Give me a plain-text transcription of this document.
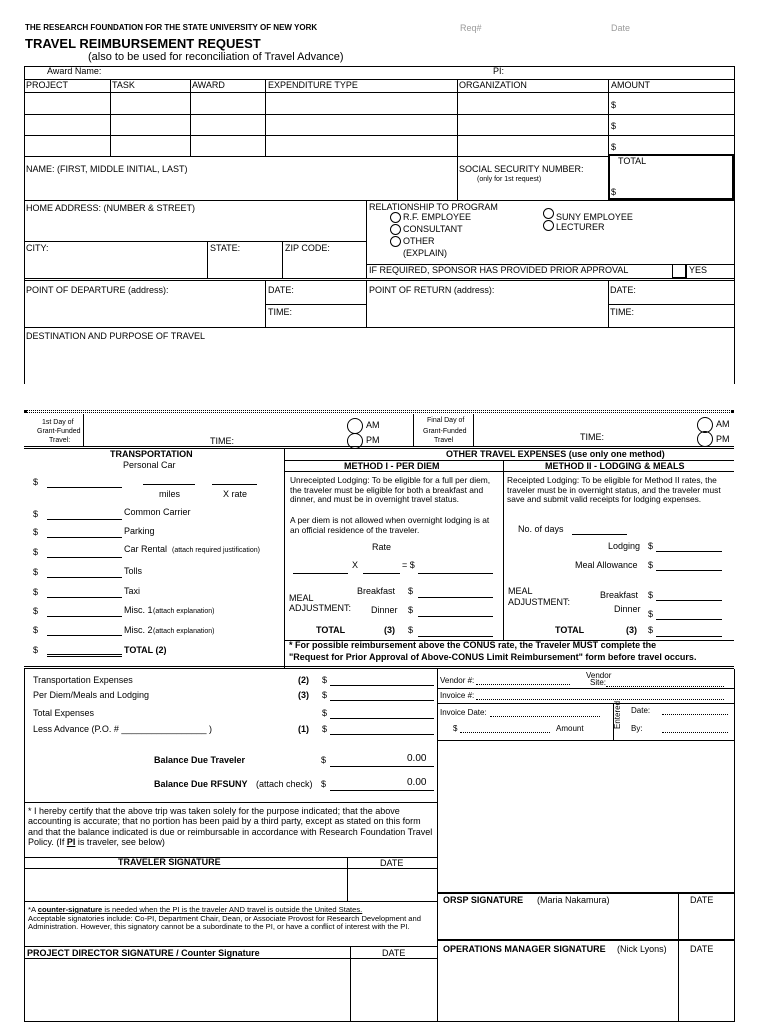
THE RESEARCH FOUNDATION FOR THE STATE UNIVERSITY OF NEW YORK	Req#	Date
TRAVEL REIMBURSEMENT REQUEST
(also to be used for reconciliation of Travel Advance)
Award Name:	PI:
PROJECT	TASK	AWARD	EXPENDITURE TYPE	ORGANIZATION	AMOUNT
$
$
$
TOTAL
$
NAME: (FIRST, MIDDLE INITIAL, LAST)	SOCIAL SECURITY NUMBER:
(only for 1st request)
HOME ADDRESS: (NUMBER & STREET)
CITY:	STATE:	ZIP CODE:
RELATIONSHIP TO PROGRAM
R.F. EMPLOYEE
CONSULTANT
OTHER
(EXPLAIN)
SUNY EMPLOYEE
LECTURER
IF REQUIRED, SPONSOR HAS PROVIDED PRIOR APPROVAL	YES
POINT OF DEPARTURE (address):	DATE:	POINT OF RETURN (address):	DATE:
TIME:	TIME:
DESTINATION AND PURPOSE OF TRAVEL
1st Day of
Grant-Funded
Travel:	TIME:
AM
PM
Final Day of
Grant-Funded
Travel	TIME:
AM
PM
TRANSPORTATION
Personal Car
$
miles	X rate
$	Common Carrier
$	Parking
$	Car Rental (attach required justification)
$	Tolls
$	Taxi
$	Misc. 1 (attach explanation)
$	Misc. 2 (attach explanation)
$	TOTAL (2)
OTHER TRAVEL EXPENSES (use only one method)
METHOD I - PER DIEM	METHOD II - LODGING & MEALS
Unreceipted Lodging: To be eligible for a full per diem, the traveler must be eligible for both a breakfast and dinner, and must be in overnight travel status.
A per diem is not allowed when overnight lodging is at an official residence of the traveler.
Rate
X	= $
MEAL
ADJUSTMENT:
Breakfast $
Dinner $
TOTAL	(3) $
Receipted Lodging: To be eligible for Method II rates, the traveler must be in overnight status, and the traveler must save and submit valid receipts for lodging expenses.
No. of days
Lodging $
Meal Allowance $
MEAL
ADJUSTMENT:
Breakfast $
Dinner $
TOTAL	(3) $
* For possible reimbursement above the CONUS rate, the Traveler MUST complete the
"Request for Prior Approval of Above-CONUS Limit Reimbursement" form before travel occurs.
Transportation Expenses	(2) $
Per Diem/Meals and Lodging	(3) $
Total Expenses	$
Less Advance (P.O. # _________________ )	(1) $
Balance Due Traveler	$	0.00
Balance Due RFSUNY (attach check) $	0.00
Vendor #:
Vendor
Site:
Invoice #:
Invoice Date:
$	Amount	Entered Date:
By:
* I hereby certify that the above trip was taken solely for the purpose indicated; that the above accounting is accurate; that no portion has been paid by a third party, except as stated on this form and that the balance indicated is due or reimbursable in accordance with Research Foundation Travel Policy. (If PI is traveler, see below)
TRAVELER SIGNATURE	DATE
*A counter-signature is needed when the PI is the traveler AND travel is outside the United States.
Acceptable signatories include: Co-PI, Department Chair, Dean, or Associate Provost for Research Development and Administration. However, this signatory cannot be a subordinate to the PI, or have a conflict of interest with the PI.
PROJECT DIRECTOR SIGNATURE / Counter Signature	DATE
ORSP SIGNATURE (Maria Nakamura)	DATE
OPERATIONS MANAGER SIGNATURE (Nick Lyons)	DATE
